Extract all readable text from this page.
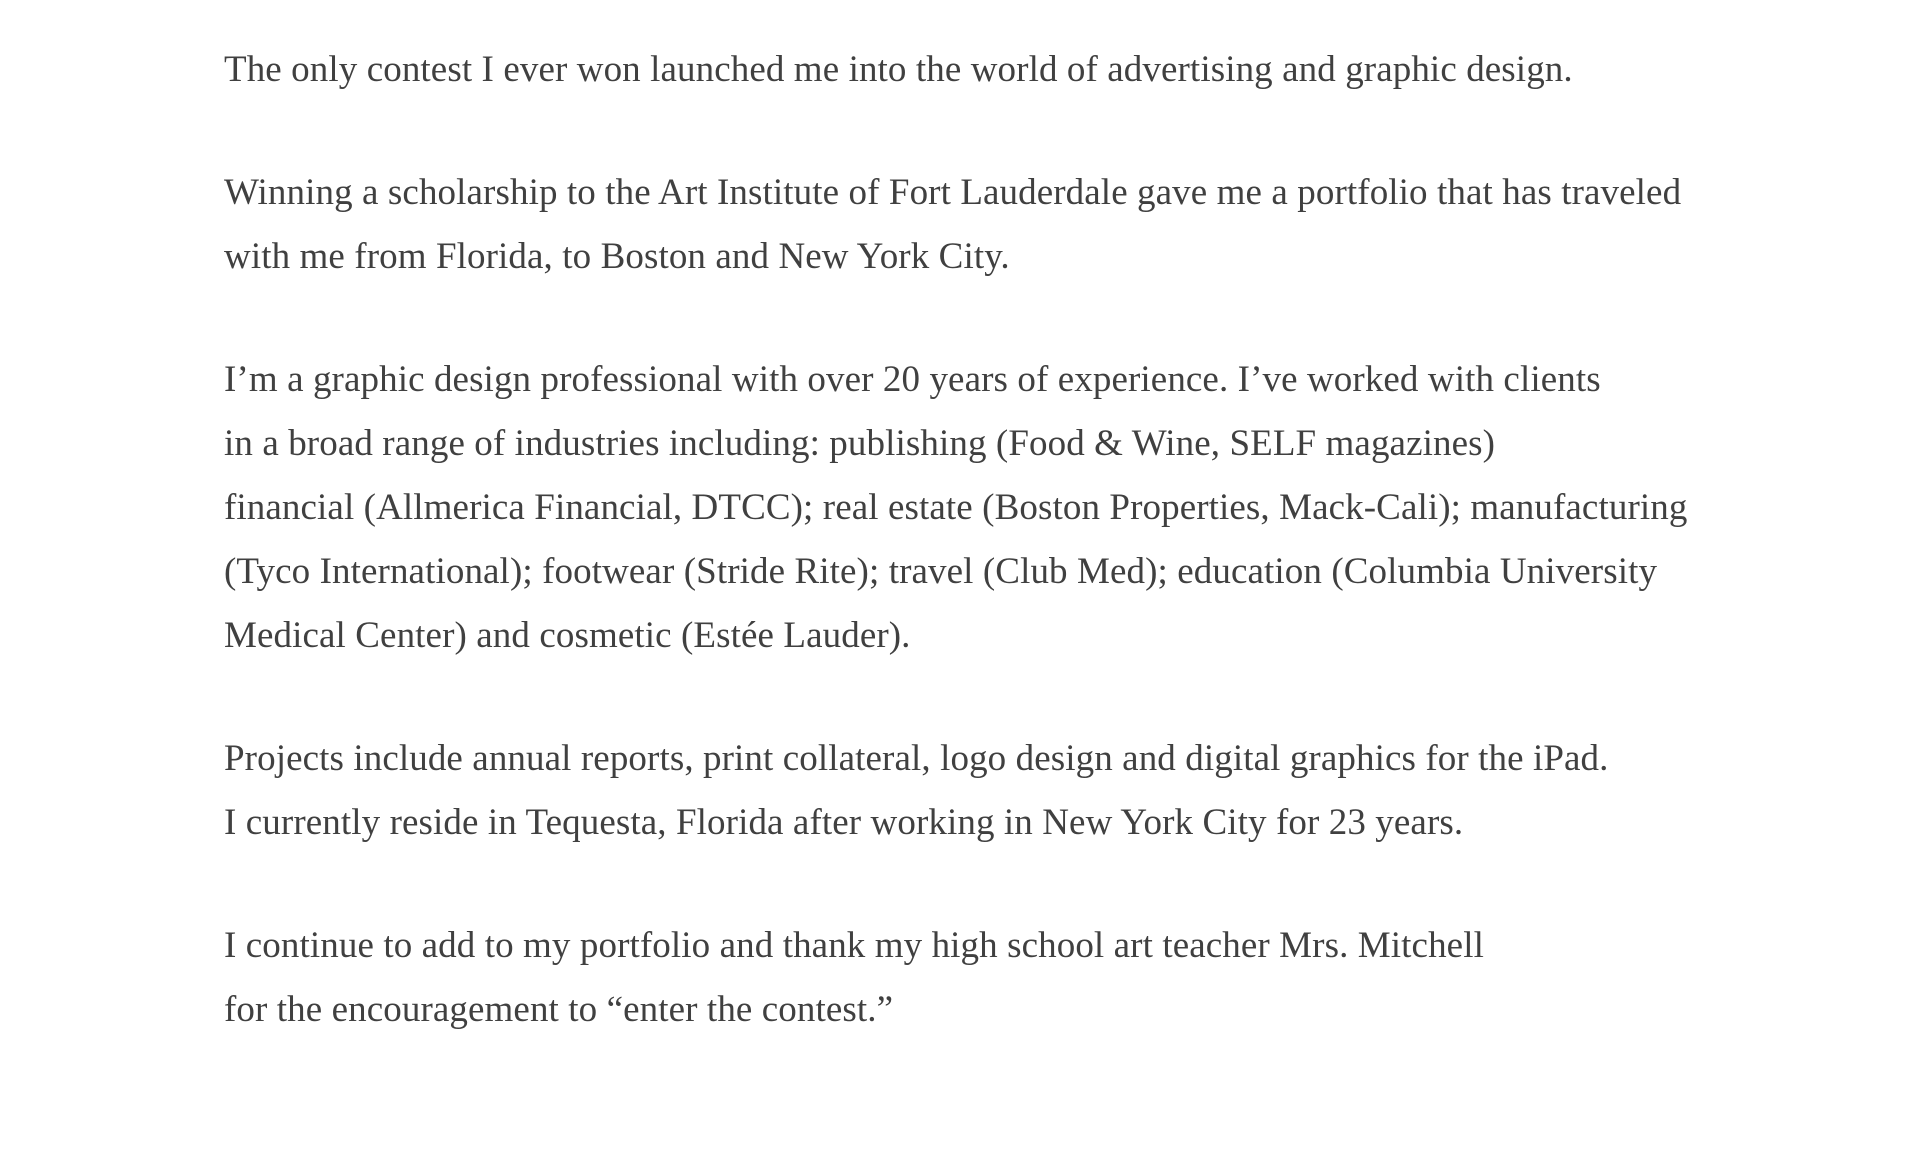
The only contest I ever won launched me into the world of advertising and graphic design.

Winning a scholarship to the Art Institute of Fort Lauderdale gave me a portfolio that has traveled
with me from Florida, to Boston and New York City.

I’m a graphic design professional with over 20 years of experience. I’ve worked with clients
in a broad range of industries including: publishing (Food & Wine, SELF magazines)
financial (Allmerica Financial, DTCC); real estate (Boston Properties, Mack-Cali); manufacturing
(Tyco International); footwear (Stride Rite); travel (Club Med); education (Columbia University
Medical Center) and cosmetic (Estée Lauder).

Projects include annual reports, print collateral, logo design and digital graphics for the iPad.
I currently reside in Tequesta, Florida after working in New York City for 23 years.

I continue to add to my portfolio and thank my high school art teacher Mrs. Mitchell
for the encouragement to “enter the contest.”
